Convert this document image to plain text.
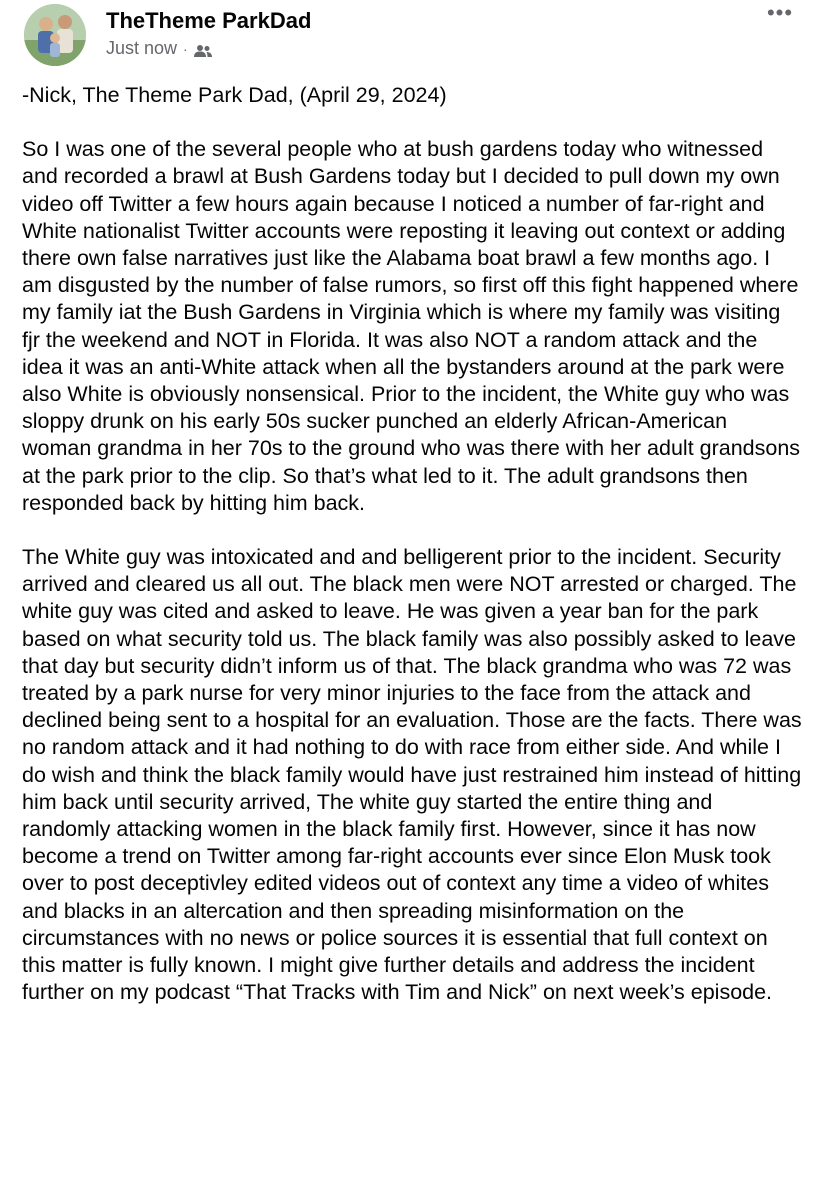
TheTheme ParkDad
Just now ·
•••

-Nick, The Theme Park Dad, (April 29, 2024)

So I was one of the several people who at bush gardens today who witnessed and recorded a brawl at Bush Gardens today but I decided to pull down my own video off Twitter a few hours again because I noticed a number of far-right and White nationalist Twitter accounts were reposting it leaving out context or adding there own false narratives just like the Alabama boat brawl a few months ago. I am disgusted by the number of false rumors, so first off this fight happened where my family iat the Bush Gardens in Virginia which is where my family was visiting fjr the weekend and NOT in Florida. It was also NOT a random attack and the idea it was an anti-White attack when all the bystanders around at the park were also White is obviously nonsensical. Prior to the incident, the White guy who was sloppy drunk on his early 50s sucker punched an elderly African-American woman grandma in her 70s to the ground who was there with her adult grandsons at the park prior to the clip. So that’s what led to it. The adult grandsons then responded back by hitting him back.

The White guy was intoxicated and and belligerent prior to the incident. Security arrived and cleared us all out. The black men were NOT arrested or charged. The white guy was cited and asked to leave. He was given a year ban for the park based on what security told us. The black family was also possibly asked to leave that day but security didn’t inform us of that. The black grandma who was 72 was treated by a park nurse for very minor injuries to the face from the attack and declined being sent to a hospital for an evaluation. Those are the facts. There was no random attack and it had nothing to do with race from either side. And while I do wish and think the black family would have just restrained him instead of hitting him back until security arrived, The white guy started the entire thing and randomly attacking women in the black family first. However, since it has now become a trend on Twitter among far-right accounts ever since Elon Musk took over to post deceptivley edited videos out of context any time a video of whites and blacks in an altercation and then spreading misinformation on the circumstances with no news or police sources it is essential that full context on this matter is fully known. I might give further details and address the incident further on my podcast “That Tracks with Tim and Nick” on next week’s episode.
